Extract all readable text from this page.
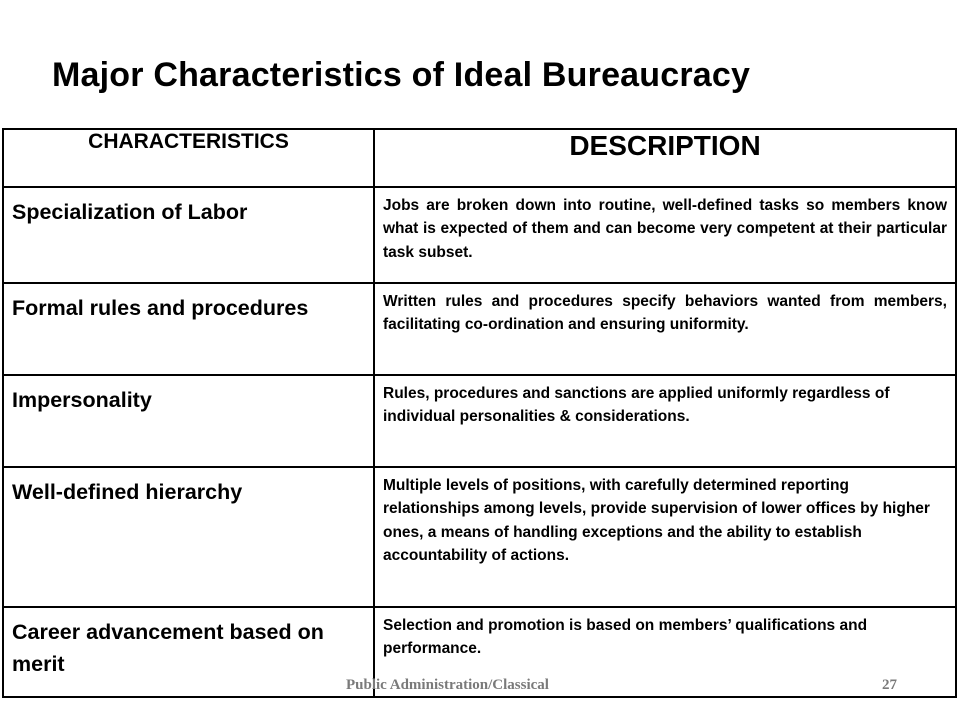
Major Characteristics of Ideal Bureaucracy
CHARACTERISTICS	DESCRIPTION
Specialization of Labor	Jobs are broken down into routine, well-defined tasks so members know what is expected of them and can become very competent at their particular task subset.
Formal rules and procedures	Written rules and procedures specify behaviors wanted from members, facilitating co-ordination and ensuring uniformity.
Impersonality	Rules, procedures and sanctions are applied uniformly regardless of individual personalities & considerations.
Well-defined hierarchy	Multiple levels of positions, with carefully determined reporting relationships among levels, provide supervision of lower offices by higher ones, a means of handling exceptions and the ability to establish accountability of actions.
Career advancement based on merit	Selection and promotion is based on members’ qualifications and performance.
Public Administration/Classical	27
